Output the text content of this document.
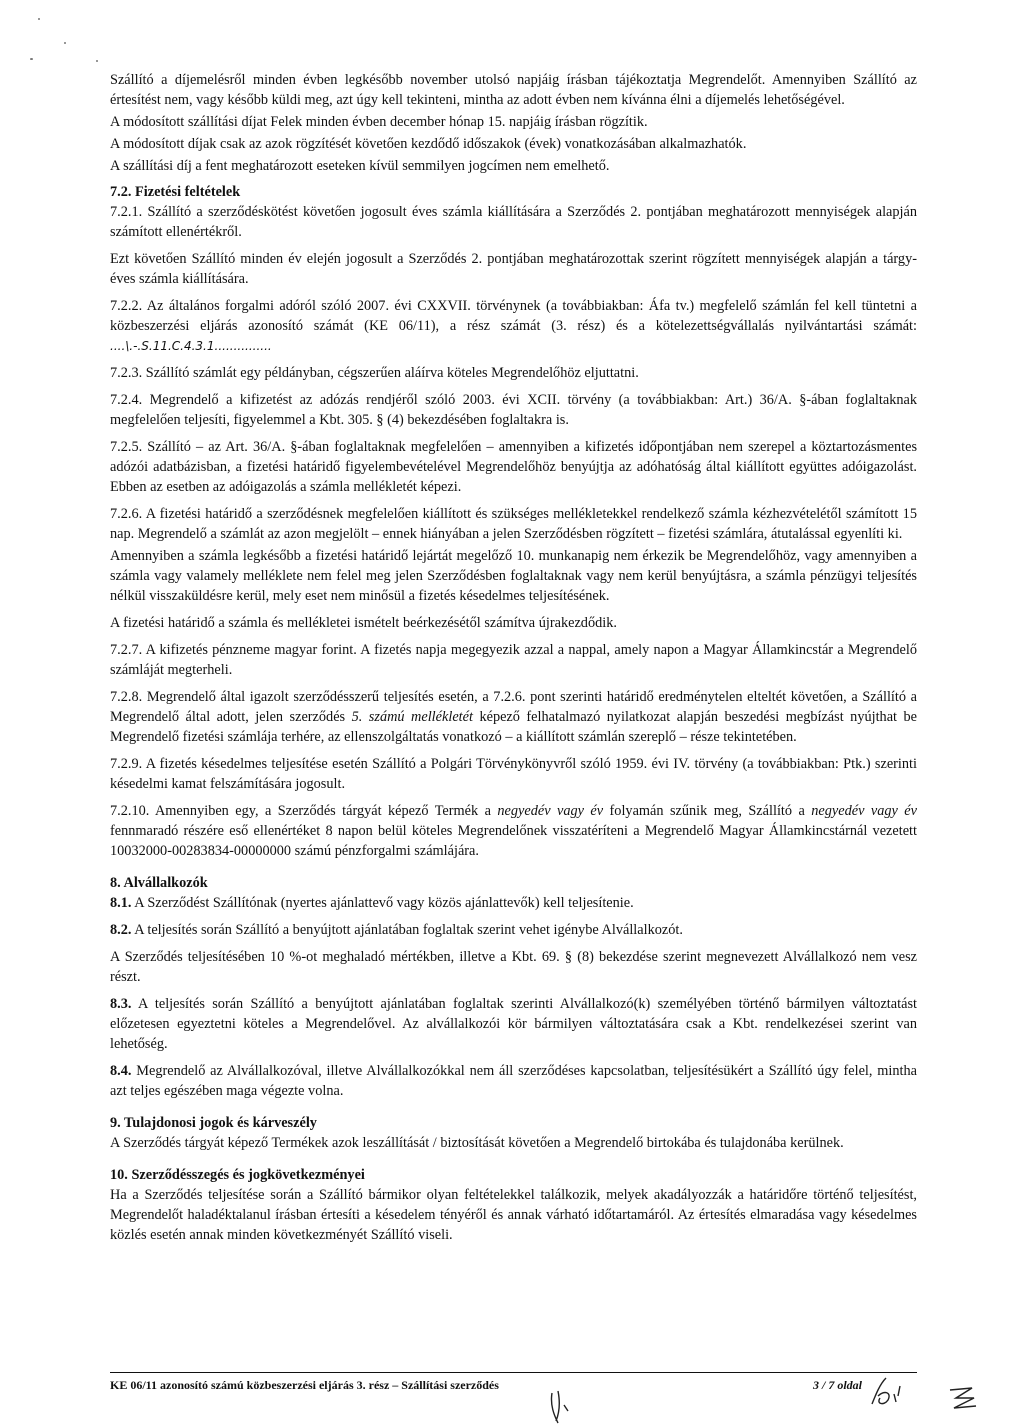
Szállító a díjemelésről minden évben legkésőbb november utolsó napjáig írásban tájékoztatja Megrendelőt. Amennyiben Szállító az értesítést nem, vagy később küldi meg, azt úgy kell tekinteni, mintha az adott évben nem kívánna élni a díjemelés lehetőségével.

A módosított szállítási díjat Felek minden évben december hónap 15. napjáig írásban rögzítik.

A módosított díjak csak az azok rögzítését követően kezdődő időszakok (évek) vonatkozásában alkalmazhatók.

A szállítási díj a fent meghatározott eseteken kívül semmilyen jogcímen nem emelhető.

7.2. Fizetési feltételek

7.2.1. Szállító a szerződéskötést követően jogosult éves számla kiállítására a Szerződés 2. pontjában meghatározott mennyiségek alapján számított ellenértékről.

Ezt követően Szállító minden év elején jogosult a Szerződés 2. pontjában meghatározottak szerint rögzített mennyiségek alapján a tárgy-éves számla kiállítására.

7.2.2. Az általános forgalmi adóról szóló 2007. évi CXXVII. törvénynek (a továbbiakban: Áfa tv.) megfelelő számlán fel kell tüntetni a közbeszerzési eljárás azonosító számát (KE 06/11), a rész számát (3. rész) és a kötelezettségvállalás nyilvántartási számát: ....\.-.S.11.C.4.3.1...............

7.2.3. Szállító számlát egy példányban, cégszerűen aláírva köteles Megrendelőhöz eljuttatni.

7.2.4. Megrendelő a kifizetést az adózás rendjéről szóló 2003. évi XCII. törvény (a továbbiakban: Art.) 36/A. §-ában foglaltaknak megfelelően teljesíti, figyelemmel a Kbt. 305. § (4) bekezdésében foglaltakra is.

7.2.5. Szállító – az Art. 36/A. §-ában foglaltaknak megfelelően – amennyiben a kifizetés időpontjában nem szerepel a köztartozásmentes adózói adatbázisban, a fizetési határidő figyelembevételével Megrendelőhöz benyújtja az adóhatóság által kiállított együttes adóigazolást. Ebben az esetben az adóigazolás a számla mellékletét képezi.

7.2.6. A fizetési határidő a szerződésnek megfelelően kiállított és szükséges mellékletekkel rendelkező számla kézhezvételétől számított 15 nap. Megrendelő a számlát az azon megjelölt – ennek hiányában a jelen Szerződésben rögzített – fizetési számlára, átutalással egyenlíti ki.

Amennyiben a számla legkésőbb a fizetési határidő lejártát megelőző 10. munkanapig nem érkezik be Megrendelőhöz, vagy amennyiben a számla vagy valamely melléklete nem felel meg jelen Szerződésben foglaltaknak vagy nem kerül benyújtásra, a számla pénzügyi teljesítés nélkül visszaküldésre kerül, mely eset nem minősül a fizetés késedelmes teljesítésének.

A fizetési határidő a számla és mellékletei ismételt beérkezésétől számítva újrakezdődik.

7.2.7. A kifizetés pénzneme magyar forint. A fizetés napja megegyezik azzal a nappal, amely napon a Magyar Államkincstár a Megrendelő számláját megterheli.

7.2.8. Megrendelő által igazolt szerződésszerű teljesítés esetén, a 7.2.6. pont szerinti határidő eredménytelen elteltét követően, a Szállító a Megrendelő által adott, jelen szerződés 5. számú mellékletét képező felhatalmazó nyilatkozat alapján beszedési megbízást nyújthat be Megrendelő fizetési számlája terhére, az ellenszolgáltatás vonatkozó – a kiállított számlán szereplő – része tekintetében.

7.2.9. A fizetés késedelmes teljesítése esetén Szállító a Polgári Törvénykönyvről szóló 1959. évi IV. törvény (a továbbiakban: Ptk.) szerinti késedelmi kamat felszámítására jogosult.

7.2.10. Amennyiben egy, a Szerződés tárgyát képező Termék a negyedév vagy év folyamán szűnik meg, Szállító a negyedév vagy év fennmaradó részére eső ellenértéket 8 napon belül köteles Megrendelőnek visszatéríteni a Megrendelő Magyar Államkincstárnál vezetett 10032000-00283834-00000000 számú pénzforgalmi számlájára.

8. Alvállalkozók

8.1. A Szerződést Szállítónak (nyertes ajánlattevő vagy közös ajánlattevők) kell teljesítenie.

8.2. A teljesítés során Szállító a benyújtott ajánlatában foglaltak szerint vehet igénybe Alvállalkozót.

A Szerződés teljesítésében 10 %-ot meghaladó mértékben, illetve a Kbt. 69. § (8) bekezdése szerint megnevezett Alvállalkozó nem vesz részt.

8.3. A teljesítés során Szállító a benyújtott ajánlatában foglaltak szerinti Alvállalkozó(k) személyében történő bármilyen változtatást előzetesen egyeztetni köteles a Megrendelővel. Az alvállalkozói kör bármilyen változtatására csak a Kbt. rendelkezései szerint van lehetőség.

8.4. Megrendelő az Alvállalkozóval, illetve Alvállalkozókkal nem áll szerződéses kapcsolatban, teljesítésükért a Szállító úgy felel, mintha azt teljes egészében maga végezte volna.

9. Tulajdonosi jogok és kárveszély

A Szerződés tárgyát képező Termékek azok leszállítását / biztosítását követően a Megrendelő birtokába és tulajdonába kerülnek.

10. Szerződésszegés és jogkövetkezményei

Ha a Szerződés teljesítése során a Szállító bármikor olyan feltételekkel találkozik, melyek akadályozzák a határidőre történő teljesítést, Megrendelőt haladéktalanul írásban értesíti a késedelem tényéről és annak várható időtartamáról. Az értesítés elmaradása vagy késedelmes közlés esetén annak minden következményét Szállító viseli.

KE 06/11 azonosító számú közbeszerzési eljárás 3. rész – Szállítási szerződés	3 / 7 oldal
